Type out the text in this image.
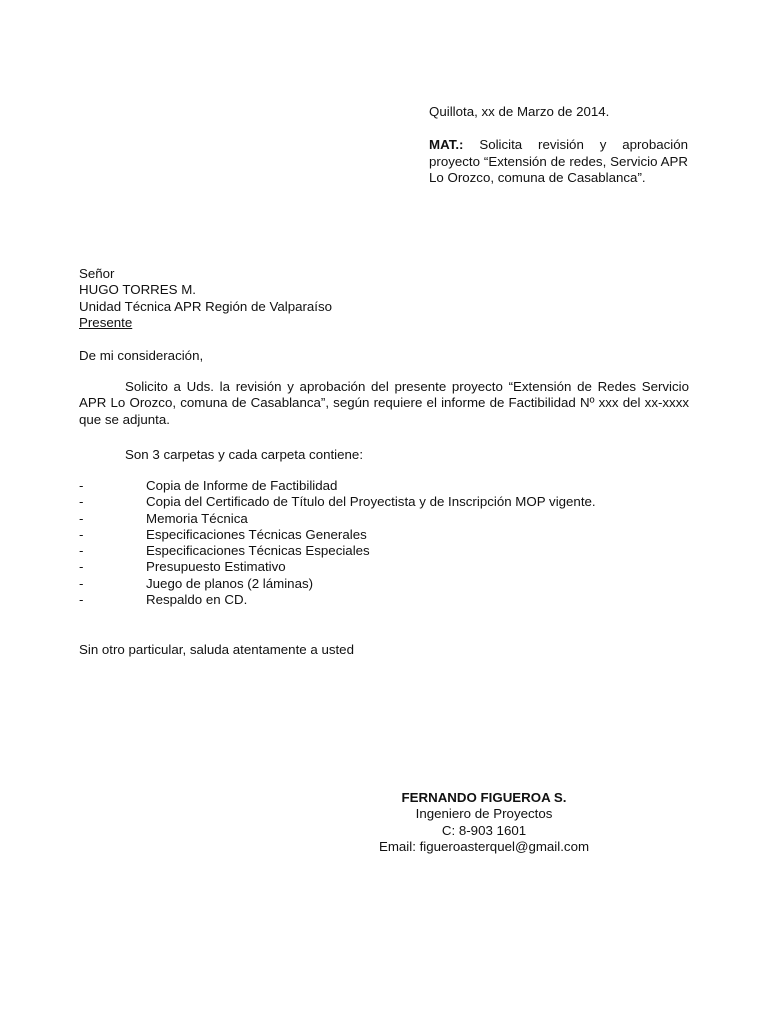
Quillota, xx de Marzo de 2014.

MAT.: Solicita revisión y aprobación proyecto “Extensión de redes, Servicio APR Lo Orozco, comuna de Casablanca”.

Señor
HUGO TORRES M.
Unidad Técnica APR Región de Valparaíso
Presente

De mi consideración,

Solicito a Uds. la revisión y aprobación del presente proyecto “Extensión de Redes Servicio APR Lo Orozco, comuna de Casablanca”, según requiere el informe de Factibilidad Nº xxx del xx-xxxx que se adjunta.

Son 3 carpetas y cada carpeta contiene:

-	Copia de Informe de Factibilidad
-	Copia del Certificado de Título del Proyectista y de Inscripción MOP vigente.
-	Memoria Técnica
-	Especificaciones Técnicas Generales
-	Especificaciones Técnicas Especiales
-	Presupuesto Estimativo
-	Juego de planos (2 láminas)
-	Respaldo en CD.

Sin otro particular, saluda atentamente a usted

FERNANDO FIGUEROA S.
Ingeniero de Proyectos
C: 8-903 1601
Email: figueroasterquel@gmail.com
